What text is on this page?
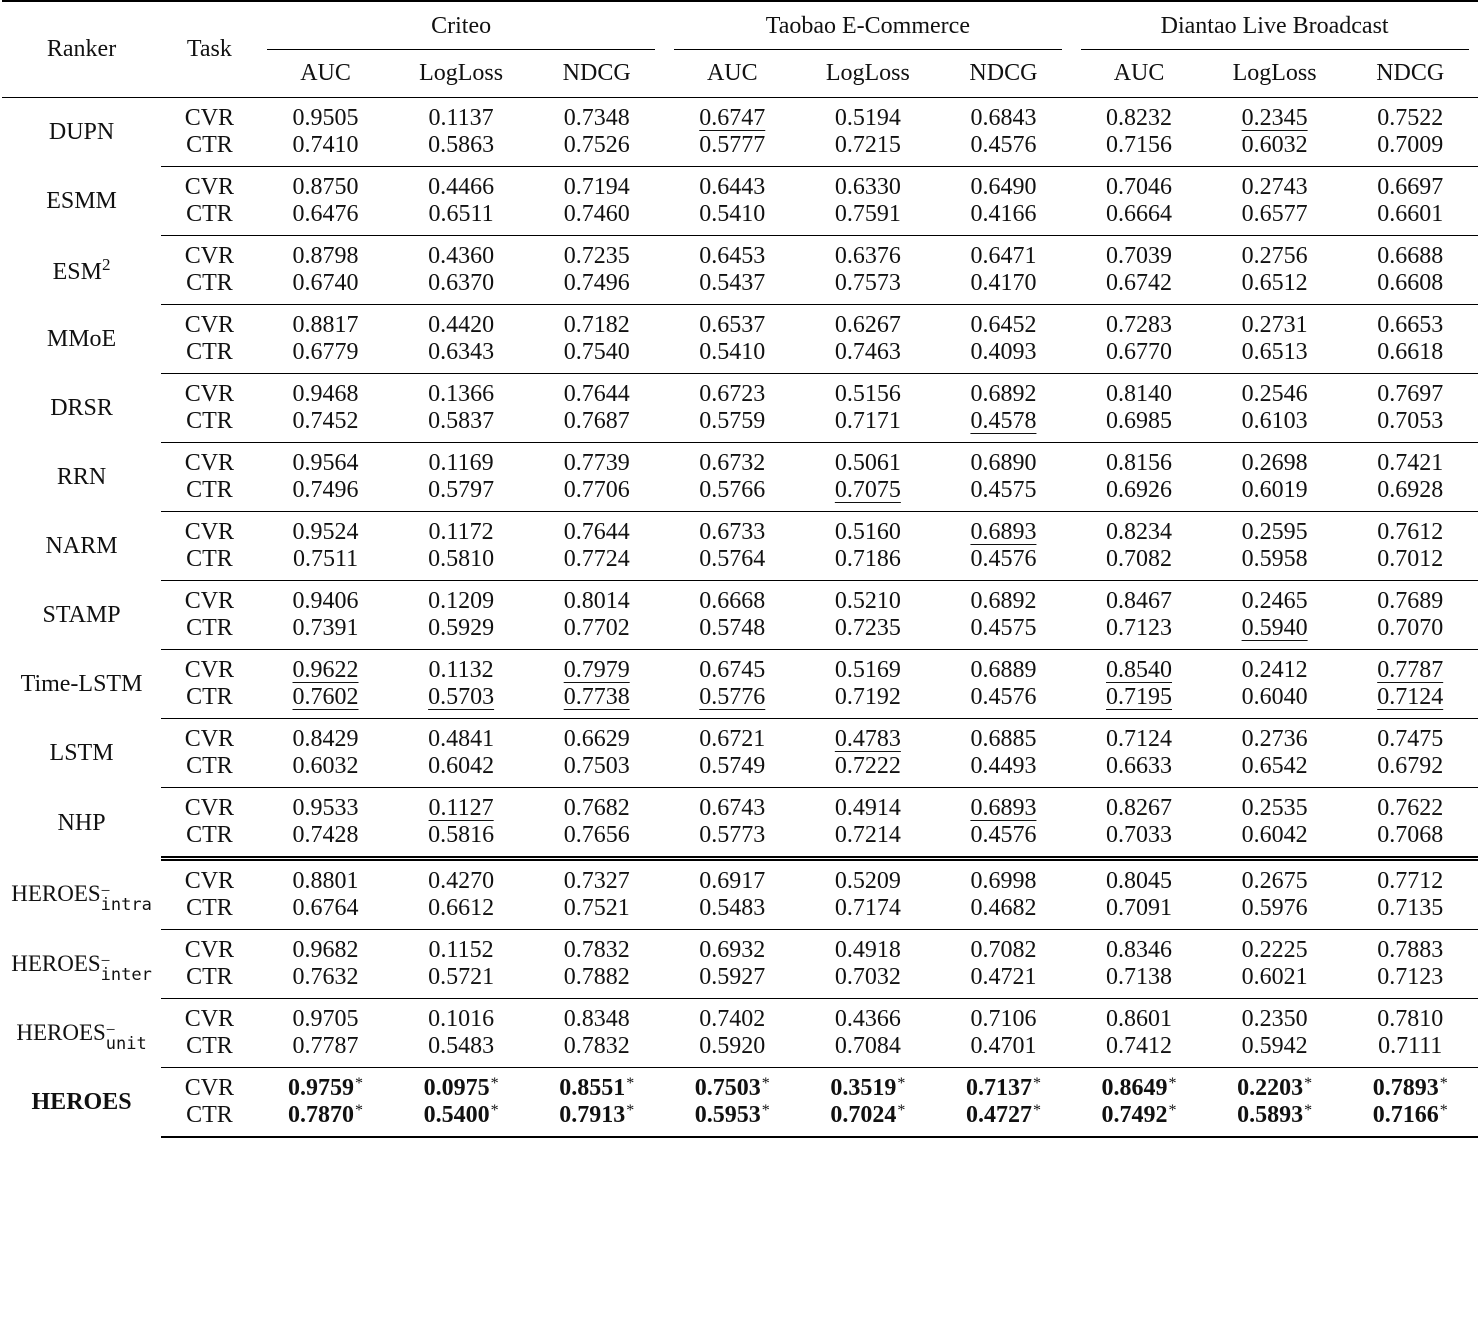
Ranker	Task	Criteo			Taobao E-Commerce			Diantao Live Broadcast		

		AUC	LogLoss	NDCG	AUC	LogLoss	NDCG	AUC	LogLoss	NDCG
DUPN	CVR	0.9505	0.1137	0.7348	0.6747	0.5194	0.6843	0.8232	0.2345	0.7522
	CTR	0.7410	0.5863	0.7526	0.5777	0.7215	0.4576	0.7156	0.6032	0.7009
ESMM	CVR	0.8750	0.4466	0.7194	0.6443	0.6330	0.6490	0.7046	0.2743	0.6697
	CTR	0.6476	0.6511	0.7460	0.5410	0.7591	0.4166	0.6664	0.6577	0.6601
ESM$^2$	CVR	0.8798	0.4360	0.7235	0.6453	0.6376	0.6471	0.7039	0.2756	0.6688
	CTR	0.6740	0.6370	0.7496	0.5437	0.7573	0.4170	0.6742	0.6512	0.6608
MMoE	CVR	0.8817	0.4420	0.7182	0.6537	0.6267	0.6452	0.7283	0.2731	0.6653
	CTR	0.6779	0.6343	0.7540	0.5410	0.7463	0.4093	0.6770	0.6513	0.6618
DRSR	CVR	0.9468	0.1366	0.7644	0.6723	0.5156	0.6892	0.8140	0.2546	0.7697
	CTR	0.7452	0.5837	0.7687	0.5759	0.7171	0.4578	0.6985	0.6103	0.7053
RRN	CVR	0.9564	0.1169	0.7739	0.6732	0.5061	0.6890	0.8156	0.2698	0.7421
	CTR	0.7496	0.5797	0.7706	0.5766	0.7075	0.4575	0.6926	0.6019	0.6928
NARM	CVR	0.9524	0.1172	0.7644	0.6733	0.5160	0.6893	0.8234	0.2595	0.7612
	CTR	0.7511	0.5810	0.7724	0.5764	0.7186	0.4576	0.7082	0.5958	0.7012
STAMP	CVR	0.9406	0.1209	0.8014	0.6668	0.5210	0.6892	0.8467	0.2465	0.7689
	CTR	0.7391	0.5929	0.7702	0.5748	0.7235	0.4575	0.7123	0.5940	0.7070
Time-LSTM	CVR	0.9622	0.1132	0.7979	0.6745	0.5169	0.6889	0.8540	0.2412	0.7787
	CTR	0.7602	0.5703	0.7738	0.5776	0.7192	0.4576	0.7195	0.6040	0.7124
LSTM	CVR	0.8429	0.4841	0.6629	0.6721	0.4783	0.6885	0.7124	0.2736	0.7475
	CTR	0.6032	0.6042	0.7503	0.5749	0.7222	0.4493	0.6633	0.6542	0.6792
NHP	CVR	0.9533	0.1127	0.7682	0.6743	0.4914	0.6893	0.8267	0.2535	0.7622
	CTR	0.7428	0.5816	0.7656	0.5773	0.7214	0.4576	0.7033	0.6042	0.7068
HEROES −
intra	CVR	0.8801	0.4270	0.7327	0.6917	0.5209	0.6998	0.8045	0.2675	0.7712
	CTR	0.6764	0.6612	0.7521	0.5483	0.7174	0.4682	0.7091	0.5976	0.7135
HEROES −
inter	CVR	0.9682	0.1152	0.7832	0.6932	0.4918	0.7082	0.8346	0.2225	0.7883
	CTR	0.7632	0.5721	0.7882	0.5927	0.7032	0.4721	0.7138	0.6021	0.7123
HEROES −
unit	CVR	0.9705	0.1016	0.8348	0.7402	0.4366	0.7106	0.8601	0.2350	0.7810
	CTR	0.7787	0.5483	0.7832	0.5920	0.7084	0.4701	0.7412	0.5942	0.7111
HEROES	CVR	0.9759*	0.0975*	0.8551*	0.7503*	0.3519*	0.7137*	0.8649*	0.2203*	0.7893*
	CTR	0.7870*	0.5400*	0.7913*	0.5953*	0.7024*	0.4727*	0.7492*	0.5893*	0.7166*
